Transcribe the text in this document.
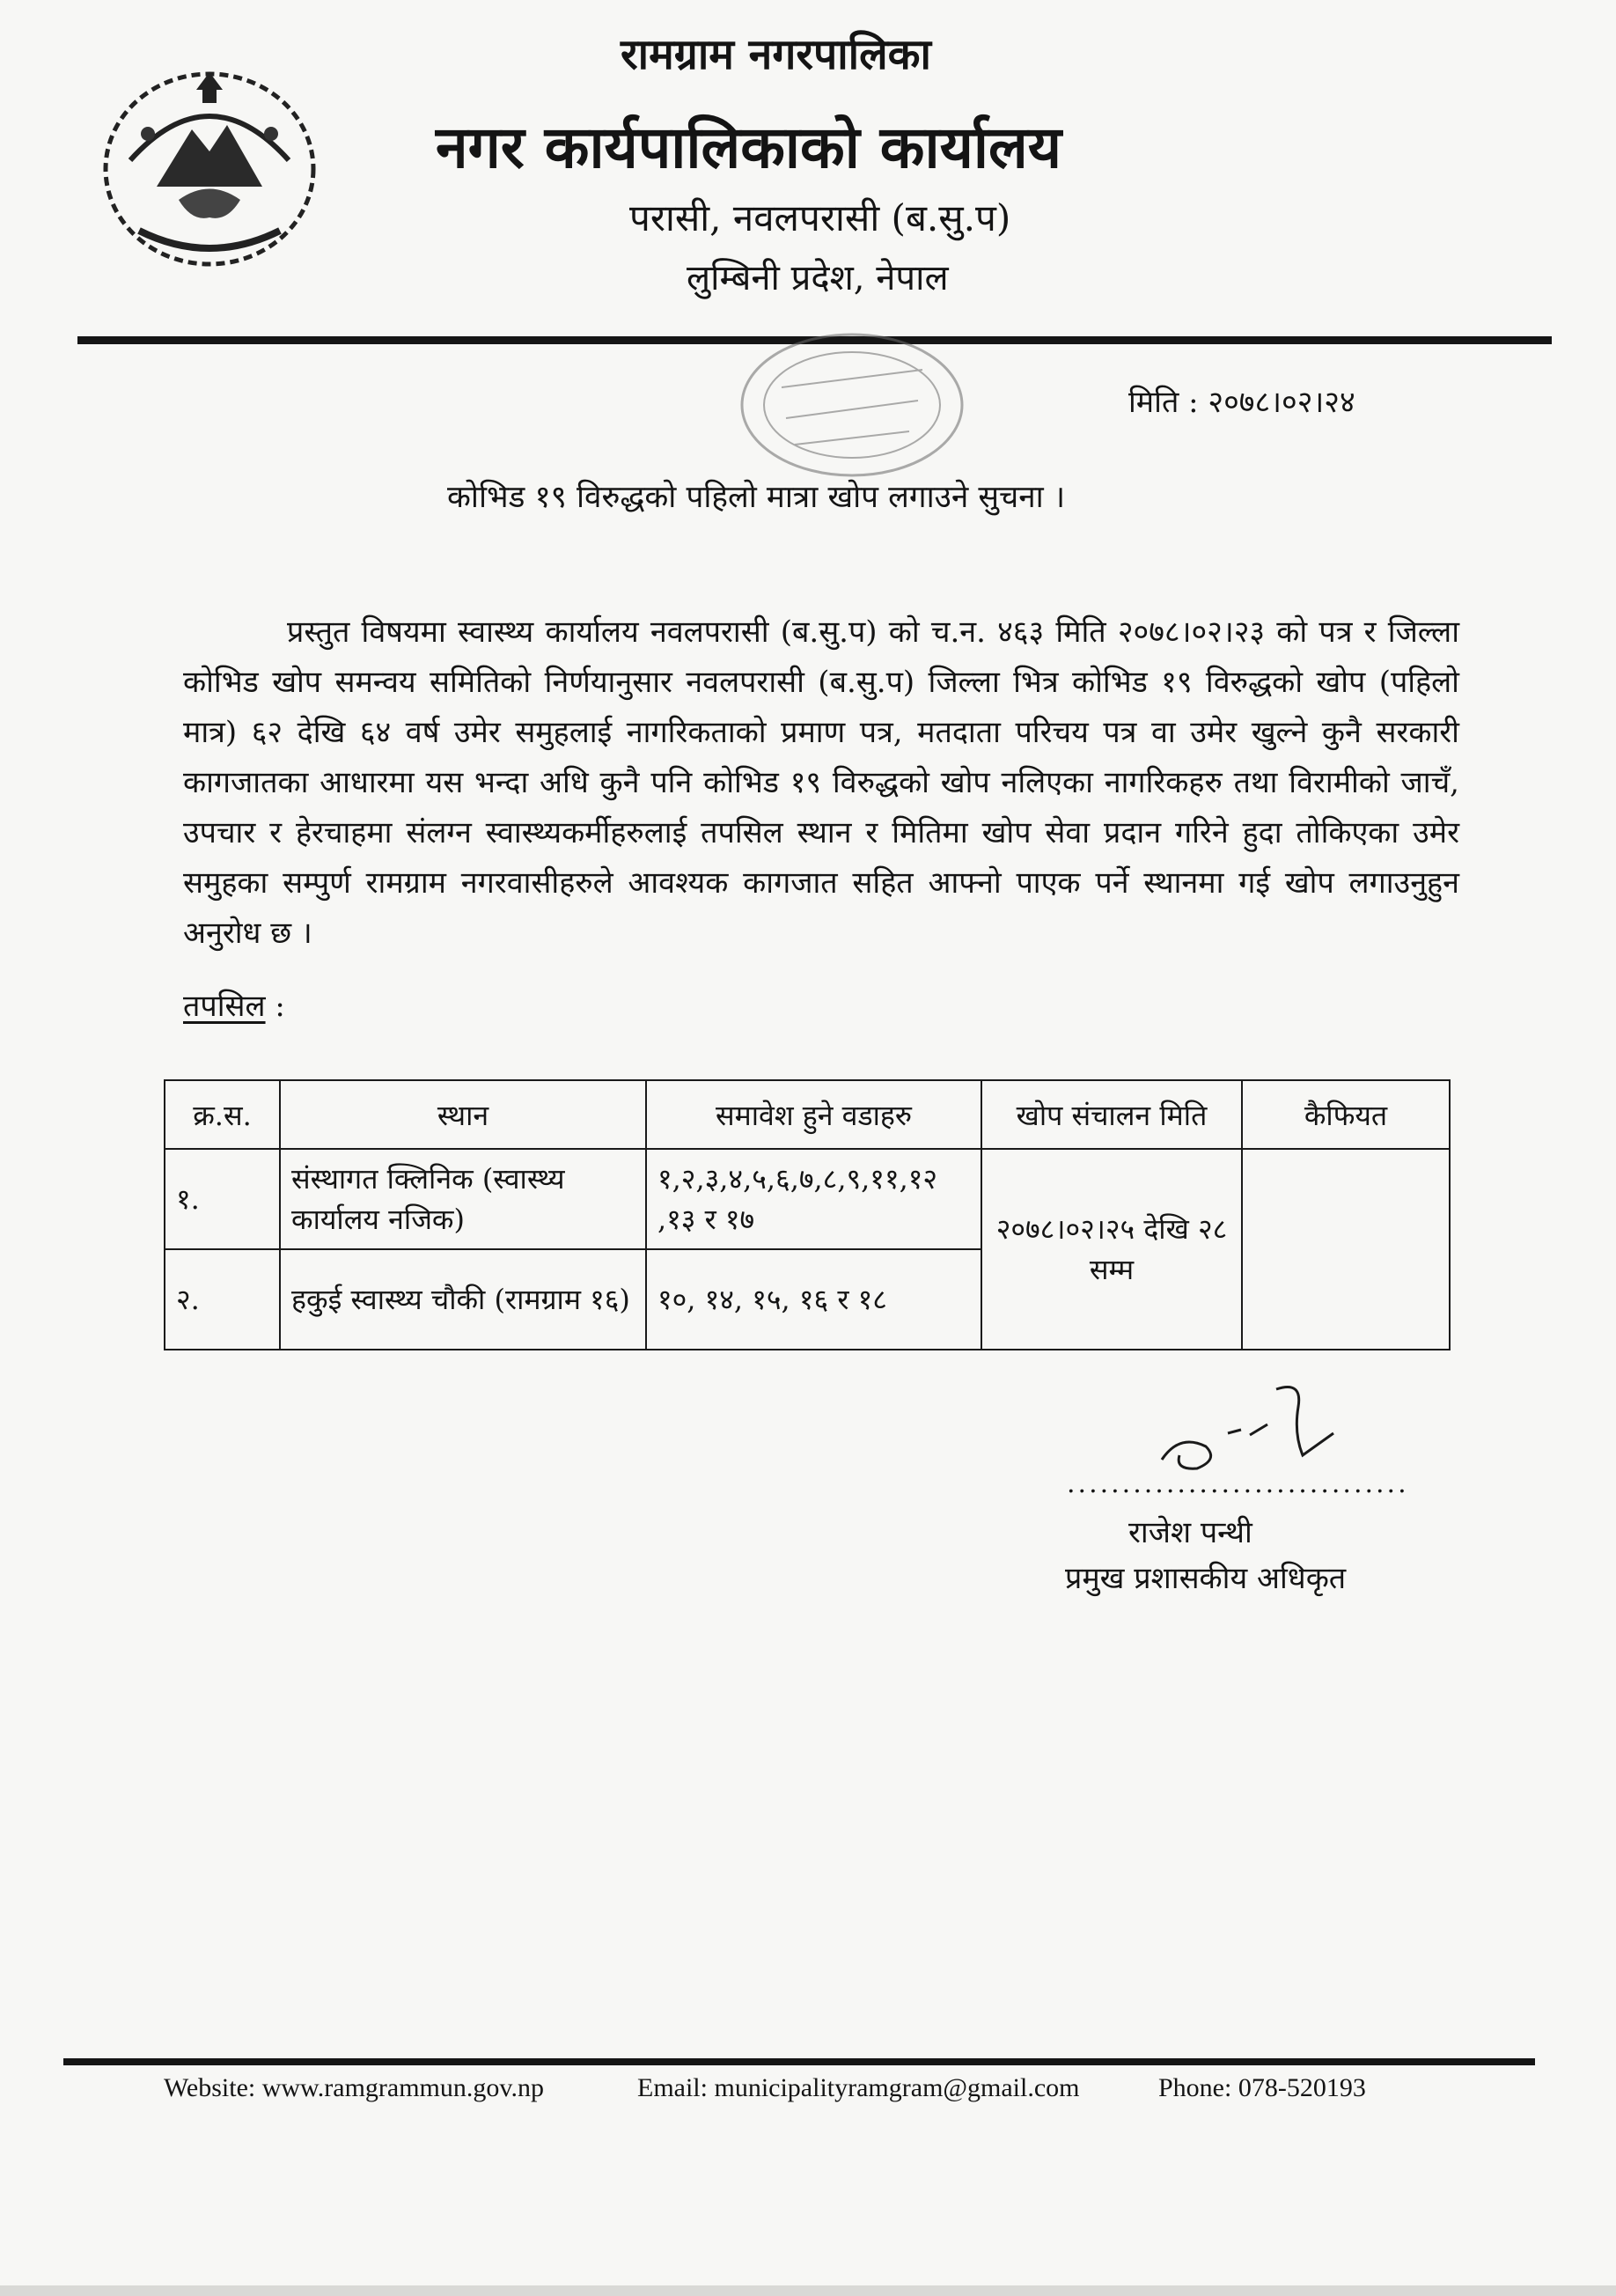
रामग्राम नगरपालिका
नगर कार्यपालिकाको कार्यालय
परासी, नवलपरासी (ब.सु.प)
लुम्बिनी प्रदेश, नेपाल
मिति : २०७८।०२।२४
कोभिड १९ विरुद्धको पहिलो मात्रा खोप लगाउने सुचना ।
प्रस्तुत विषयमा स्वास्थ्य कार्यालय नवलपरासी (ब.सु.प) को च.न. ४६३ मिति २०७८।०२।२३ को पत्र र जिल्ला कोभिड खोप समन्वय समितिको निर्णयानुसार नवलपरासी (ब.सु.प) जिल्ला भित्र कोभिड १९ विरुद्धको खोप (पहिलो मात्र) ६२ देखि ६४ वर्ष उमेर समुहलाई नागरिकताको प्रमाण पत्र, मतदाता परिचय पत्र वा उमेर खुल्ने कुनै सरकारी कागजातका आधारमा यस भन्दा अधि कुनै पनि कोभिड १९ विरुद्धको खोप नलिएका नागरिकहरु तथा विरामीको जाचँ, उपचार र हेरचाहमा संलग्न स्वास्थ्यकर्मीहरुलाई तपसिल स्थान र मितिमा खोप सेवा प्रदान गरिने हुदा तोकिएका उमेर समुहका सम्पुर्ण रामग्राम नगरवासीहरुले आवश्यक कागजात सहित आफ्नो पाएक पर्ने स्थानमा गई खोप लगाउनुहुन अनुरोध छ ।
तपसिल :
क्र.स.	स्थान	समावेश हुने वडाहरु	खोप संचालन मिति	कैफियत
१.	संस्थागत क्लिनिक (स्वास्थ्य कार्यालय नजिक)	१,२,३,४,५,६,७,८,९,११,१२ ,१३ र १७	२०७८।०२।२५ देखि २८ सम्म	
२.	हकुई स्वास्थ्य चौकी (रामग्राम १६)	१०, १४, १५, १६ र १८		
...............................
राजेश पन्थी
प्रमुख प्रशासकीय अधिकृत
Website: www.ramgrammun.gov.np	Email: municipalityramgram@gmail.com	Phone: 078-520193
